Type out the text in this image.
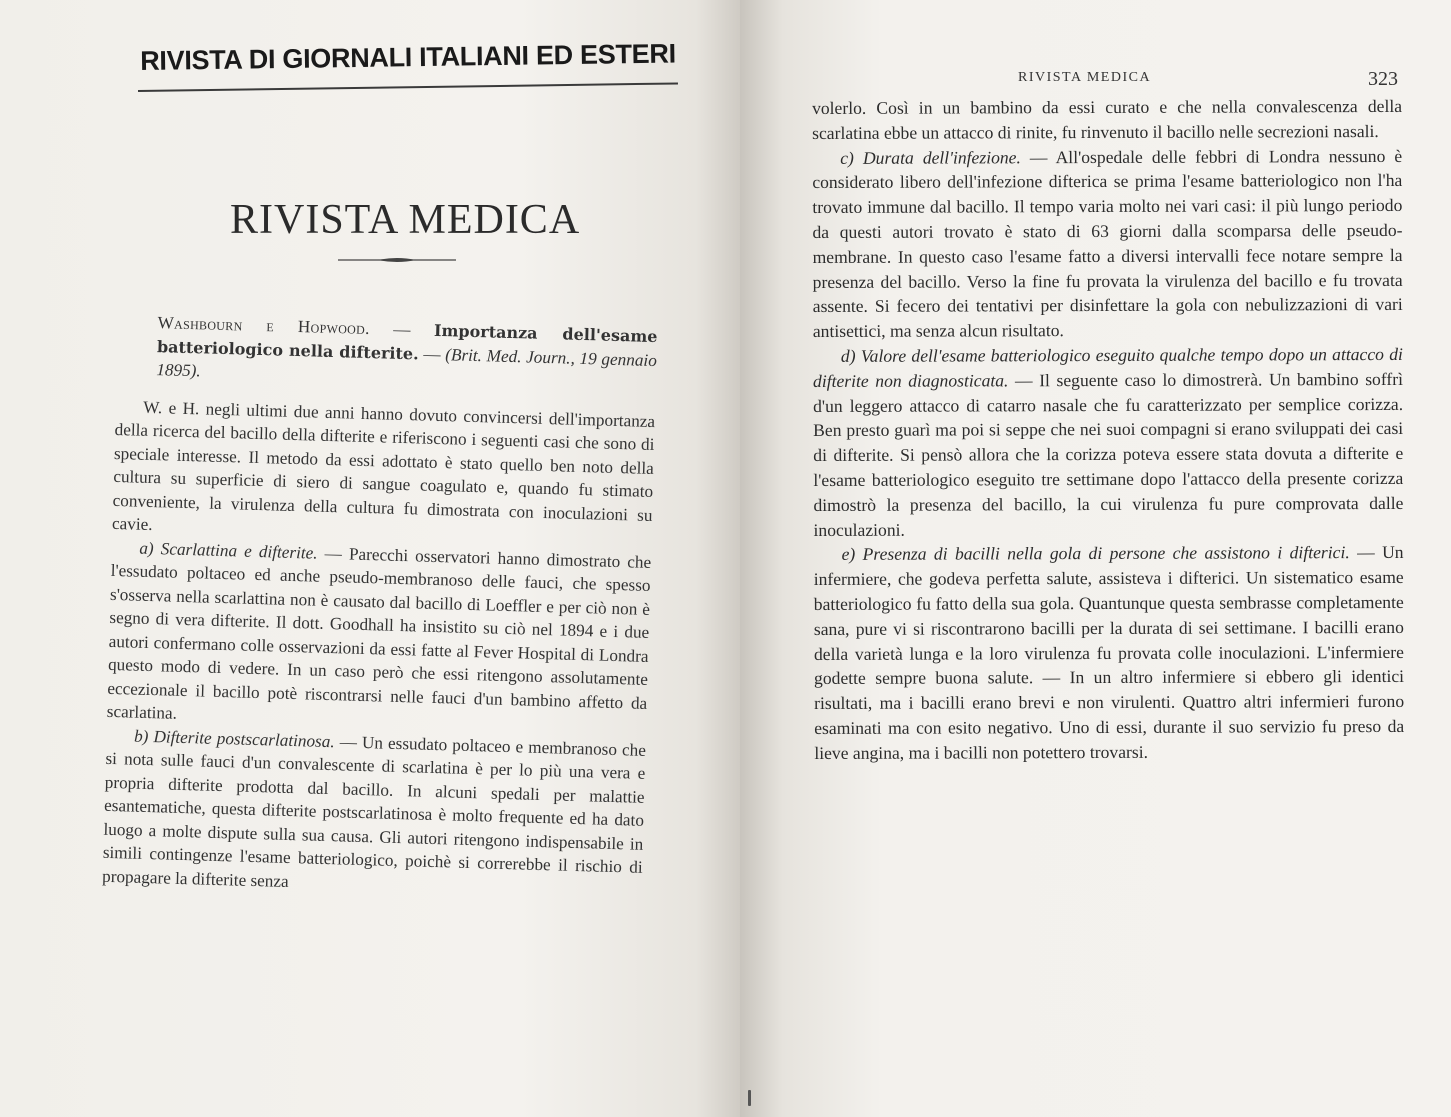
RIVISTA DI GIORNALI ITALIANI ED ESTERI
RIVISTA MEDICA

Washbourn e Hopwood. — Importanza dell'esame batteriologico nella difterite. — (Brit. Med. Journ., 19 gennaio 1895).

W. e H. negli ultimi due anni hanno dovuto convincersi dell'importanza della ricerca del bacillo della difterite e riferiscono i seguenti casi che sono di speciale interesse. Il metodo da essi adottato è stato quello ben noto della cultura su superficie di siero di sangue coagulato e, quando fu stimato conveniente, la virulenza della cultura fu dimostrata con inoculazioni su cavie.

a) Scarlattina e difterite. — Parecchi osservatori hanno dimostrato che l'essudato poltaceo ed anche pseudo-membranoso delle fauci, che spesso s'osserva nella scarlattina non è causato dal bacillo di Loeffler e per ciò non è segno di vera difterite. Il dott. Goodhall ha insistito su ciò nel 1894 e i due autori confermano colle osservazioni da essi fatte al Fever Hospital di Londra questo modo di vedere. In un caso però che essi ritengono assolutamente eccezionale il bacillo potè riscontrarsi nelle fauci d'un bambino affetto da scarlatina.

b) Difterite postscarlatinosa. — Un essudato poltaceo e membranoso che si nota sulle fauci d'un convalescente di scarlatina è per lo più una vera e propria difterite prodotta dal bacillo. In alcuni spedali per malattie esantematiche, questa difterite postscarlatinosa è molto frequente ed ha dato luogo a molte dispute sulla sua causa. Gli autori ritengono indispensabile in simili contingenze l'esame batteriologico, poichè si correrebbe il rischio di propagare la difterite senza

RIVISTA MEDICA	323

volerlo. Così in un bambino da essi curato e che nella convalescenza della scarlatina ebbe un attacco di rinite, fu rinvenuto il bacillo nelle secrezioni nasali.

c) Durata dell'infezione. — All'ospedale delle febbri di Londra nessuno è considerato libero dell'infezione difterica se prima l'esame batteriologico non l'ha trovato immune dal bacillo. Il tempo varia molto nei vari casi: il più lungo periodo da questi autori trovato è stato di 63 giorni dalla scomparsa delle pseudo-membrane. In questo caso l'esame fatto a diversi intervalli fece notare sempre la presenza del bacillo. Verso la fine fu provata la virulenza del bacillo e fu trovata assente. Si fecero dei tentativi per disinfettare la gola con nebulizzazioni di vari antisettici, ma senza alcun risultato.

d) Valore dell'esame batteriologico eseguito qualche tempo dopo un attacco di difterite non diagnosticata. — Il seguente caso lo dimostrerà. Un bambino soffrì d'un leggero attacco di catarro nasale che fu caratterizzato per semplice corizza. Ben presto guarì ma poi si seppe che nei suoi compagni si erano sviluppati dei casi di difterite. Si pensò allora che la corizza poteva essere stata dovuta a difterite e l'esame batteriologico eseguito tre settimane dopo l'attacco della presente corizza dimostrò la presenza del bacillo, la cui virulenza fu pure comprovata dalle inoculazioni.

e) Presenza di bacilli nella gola di persone che assistono i difterici. — Un infermiere, che godeva perfetta salute, assisteva i difterici. Un sistematico esame batteriologico fu fatto della sua gola. Quantunque questa sembrasse completamente sana, pure vi si riscontrarono bacilli per la durata di sei settimane. I bacilli erano della varietà lunga e la loro virulenza fu provata colle inoculazioni. L'infermiere godette sempre buona salute. — In un altro infermiere si ebbero gli identici risultati, ma i bacilli erano brevi e non virulenti. Quattro altri infermieri furono esaminati ma con esito negativo. Uno di essi, durante il suo servizio fu preso da lieve angina, ma i bacilli non potettero trovarsi.
